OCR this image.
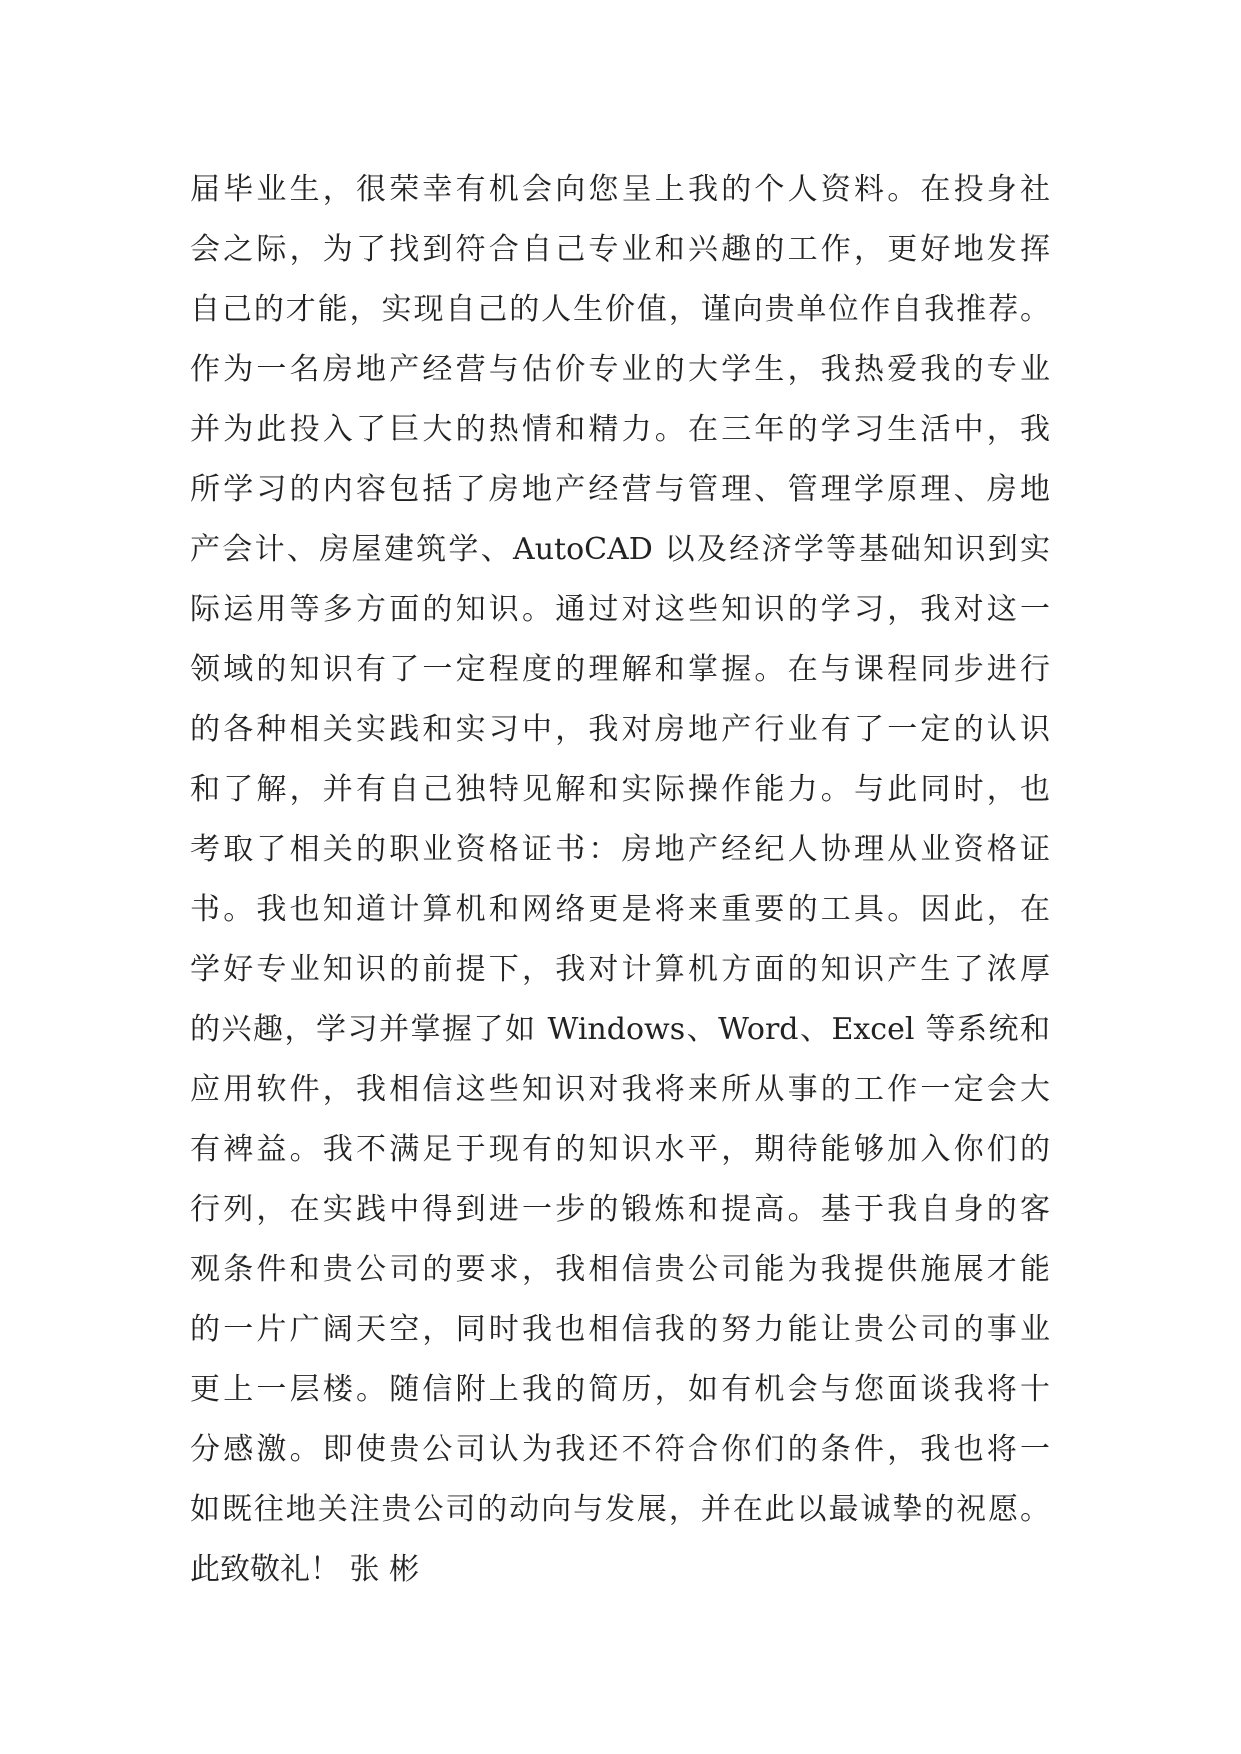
届毕业生，很荣幸有机会向您呈上我的个人资料。在投身社
会之际，为了找到符合自己专业和兴趣的工作，更好地发挥
自己的才能，实现自己的人生价值，谨向贵单位作自我推荐。
作为一名房地产经营与估价专业的大学生，我热爱我的专业
并为此投入了巨大的热情和精力。在三年的学习生活中，我
所学习的内容包括了房地产经营与管理、管理学原理、房地
产会计、房屋建筑学、AutoCAD 以及经济学等基础知识到实
际运用等多方面的知识。通过对这些知识的学习，我对这一
领域的知识有了一定程度的理解和掌握。在与课程同步进行
的各种相关实践和实习中，我对房地产行业有了一定的认识
和了解，并有自己独特见解和实际操作能力。与此同时，也
考取了相关的职业资格证书：房地产经纪人协理从业资格证
书。我也知道计算机和网络更是将来重要的工具。因此，在
学好专业知识的前提下，我对计算机方面的知识产生了浓厚
的兴趣，学习并掌握了如 Windows、Word、Excel 等系统和
应用软件，我相信这些知识对我将来所从事的工作一定会大
有裨益。我不满足于现有的知识水平，期待能够加入你们的
行列，在实践中得到进一步的锻炼和提高。基于我自身的客
观条件和贵公司的要求，我相信贵公司能为我提供施展才能
的一片广阔天空，同时我也相信我的努力能让贵公司的事业
更上一层楼。随信附上我的简历，如有机会与您面谈我将十
分感激。即使贵公司认为我还不符合你们的条件，我也将一
如既往地关注贵公司的动向与发展，并在此以最诚挚的祝愿。
此致敬礼！ 张 彬
